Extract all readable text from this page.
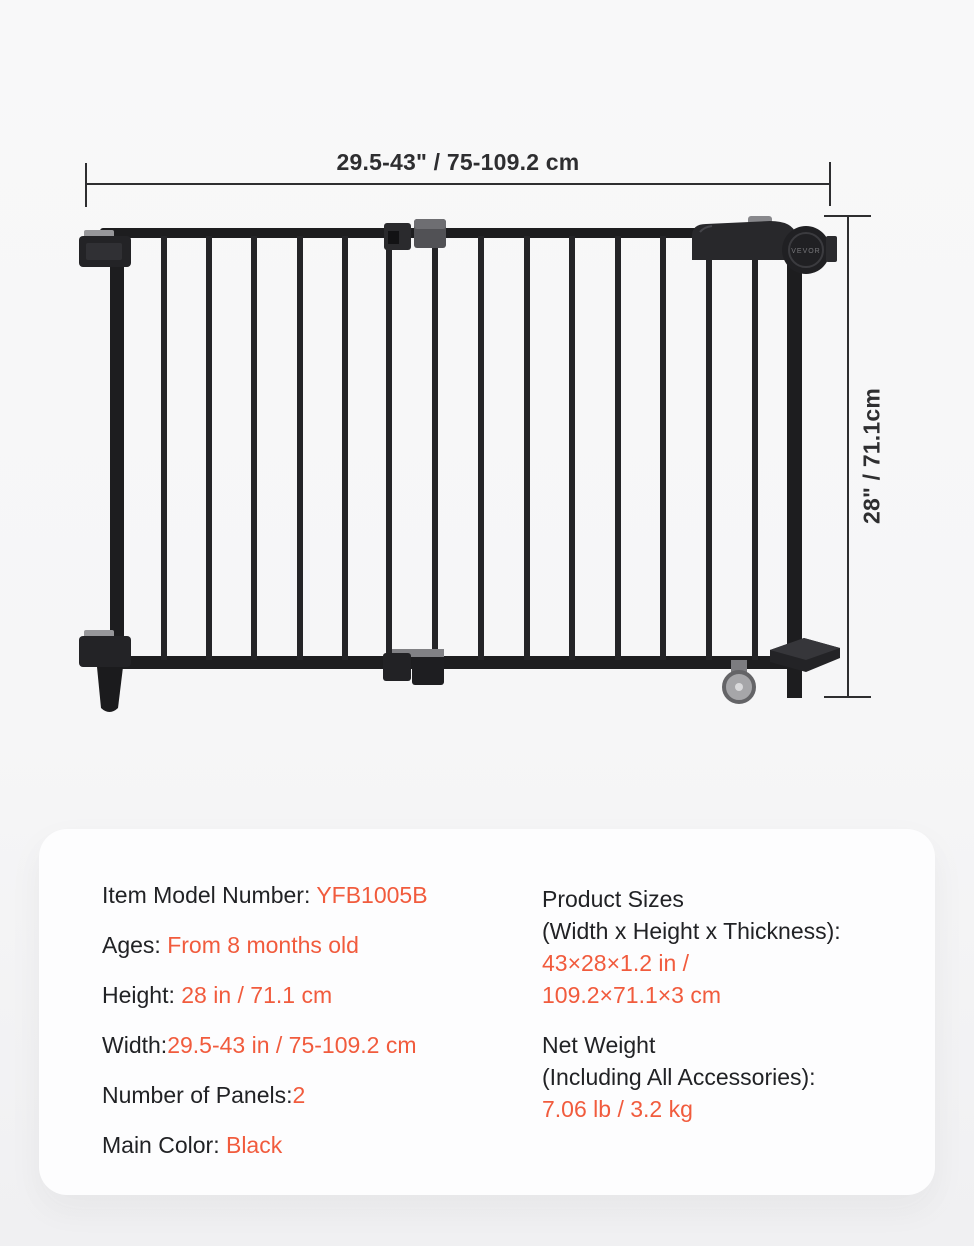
VEVOR
29.5-43" / 75-109.2 cm
28" / 71.1cm

Item Model Number: YFB1005B

Ages: From 8 months old

Height: 28 in / 71.1 cm

Width:29.5-43 in / 75-109.2 cm

Number of Panels:2

Main Color: Black

Product Sizes
(Width x Height x Thickness):
43×28×1.2 in /
109.2×71.1×3 cm
Net Weight
(Including All Accessories):
7.06 lb / 3.2 kg
